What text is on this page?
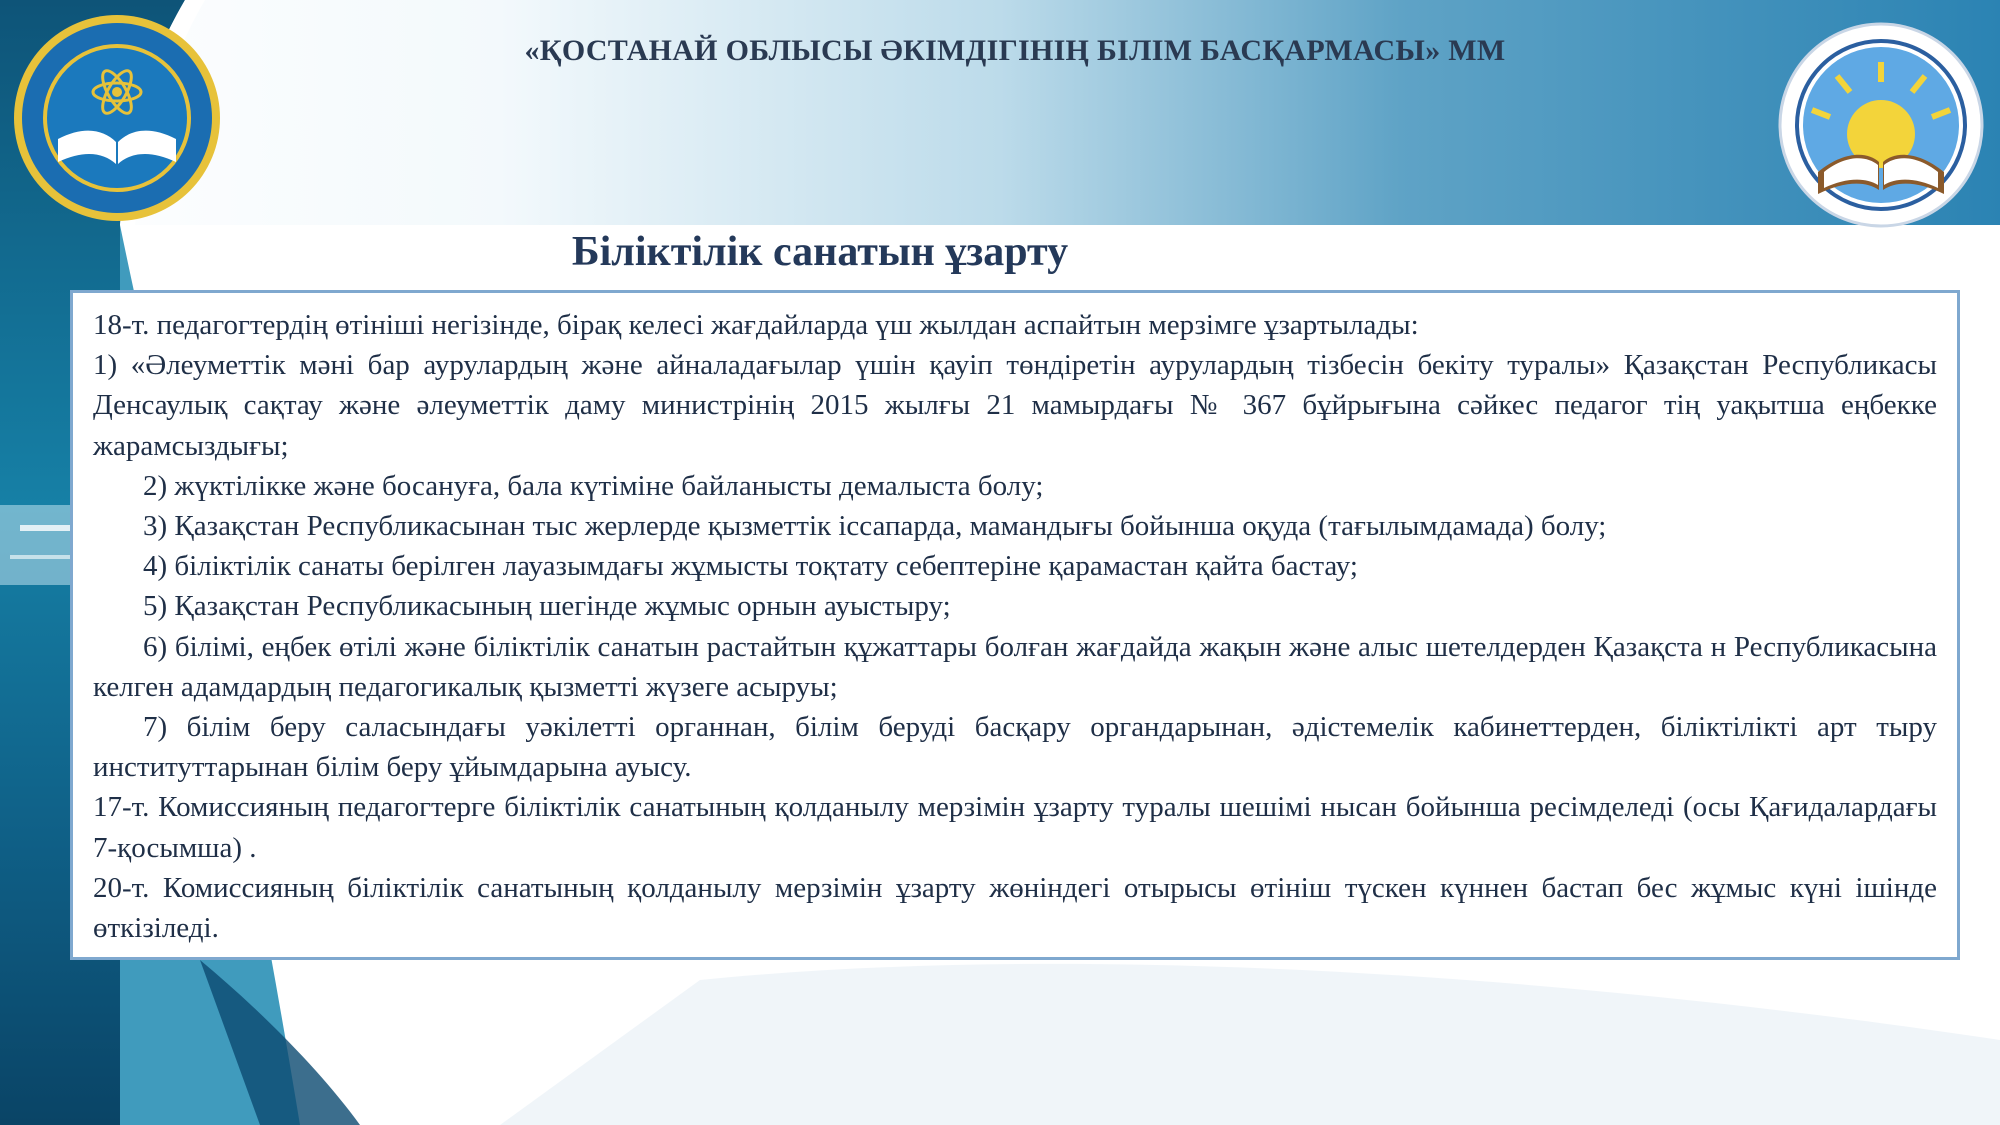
«ҚОСТАНАЙ ОБЛЫСЫ ӘКІМДІГІНІҢ БІЛІМ БАСҚАРМАСЫ» ММ
Біліктілік санатын ұзарту

18-т. педагогтердің өтініші негізінде, бірақ келесі жағдайларда үш жылдан аспайтын мерзімге ұзартылады:

1) «Әлеуметтік мәні бар аурулардың және айналадағылар үшін қауіп төндіретін аурулардың тізбесін бекіту туралы» Қазақстан Республикасы Денсаулық сақтау және әлеуметтік даму министрінің 2015 жылғы 21 мамырдағы № 367 бұйрығына сәйкес педагог тің уақытша еңбекке жарамсыздығы;

2) жүктілікке және босануға, бала күтіміне байланысты демалыста болу;

3) Қазақстан Республикасынан тыс жерлерде қызметтік іссапарда, мамандығы бойынша оқуда (тағылымдамада) болу;

4) біліктілік санаты берілген лауазымдағы жұмысты тоқтату себептеріне қарамастан қайта бастау;

5) Қазақстан Республикасының шегінде жұмыс орнын ауыстыру;

6) білімі, еңбек өтілі және біліктілік санатын растайтын құжаттары болған жағдайда жақын және алыс шетелдерден Қазақста н Республикасына келген адамдардың педагогикалық қызметті жүзеге асыруы;

7) білім беру саласындағы уәкілетті органнан, білім беруді басқару органдарынан, әдістемелік кабинеттерден, біліктілікті арт тыру институттарынан білім беру ұйымдарына ауысу.

17-т. Комиссияның педагогтерге біліктілік санатының қолданылу мерзімін ұзарту туралы шешімі нысан бойынша ресімделеді (осы Қағидалардағы 7-қосымша) .

20-т. Комиссияның біліктілік санатының қолданылу мерзімін ұзарту жөніндегі отырысы өтініш түскен күннен бастап бес жұмыс күні ішінде өткізіледі.
